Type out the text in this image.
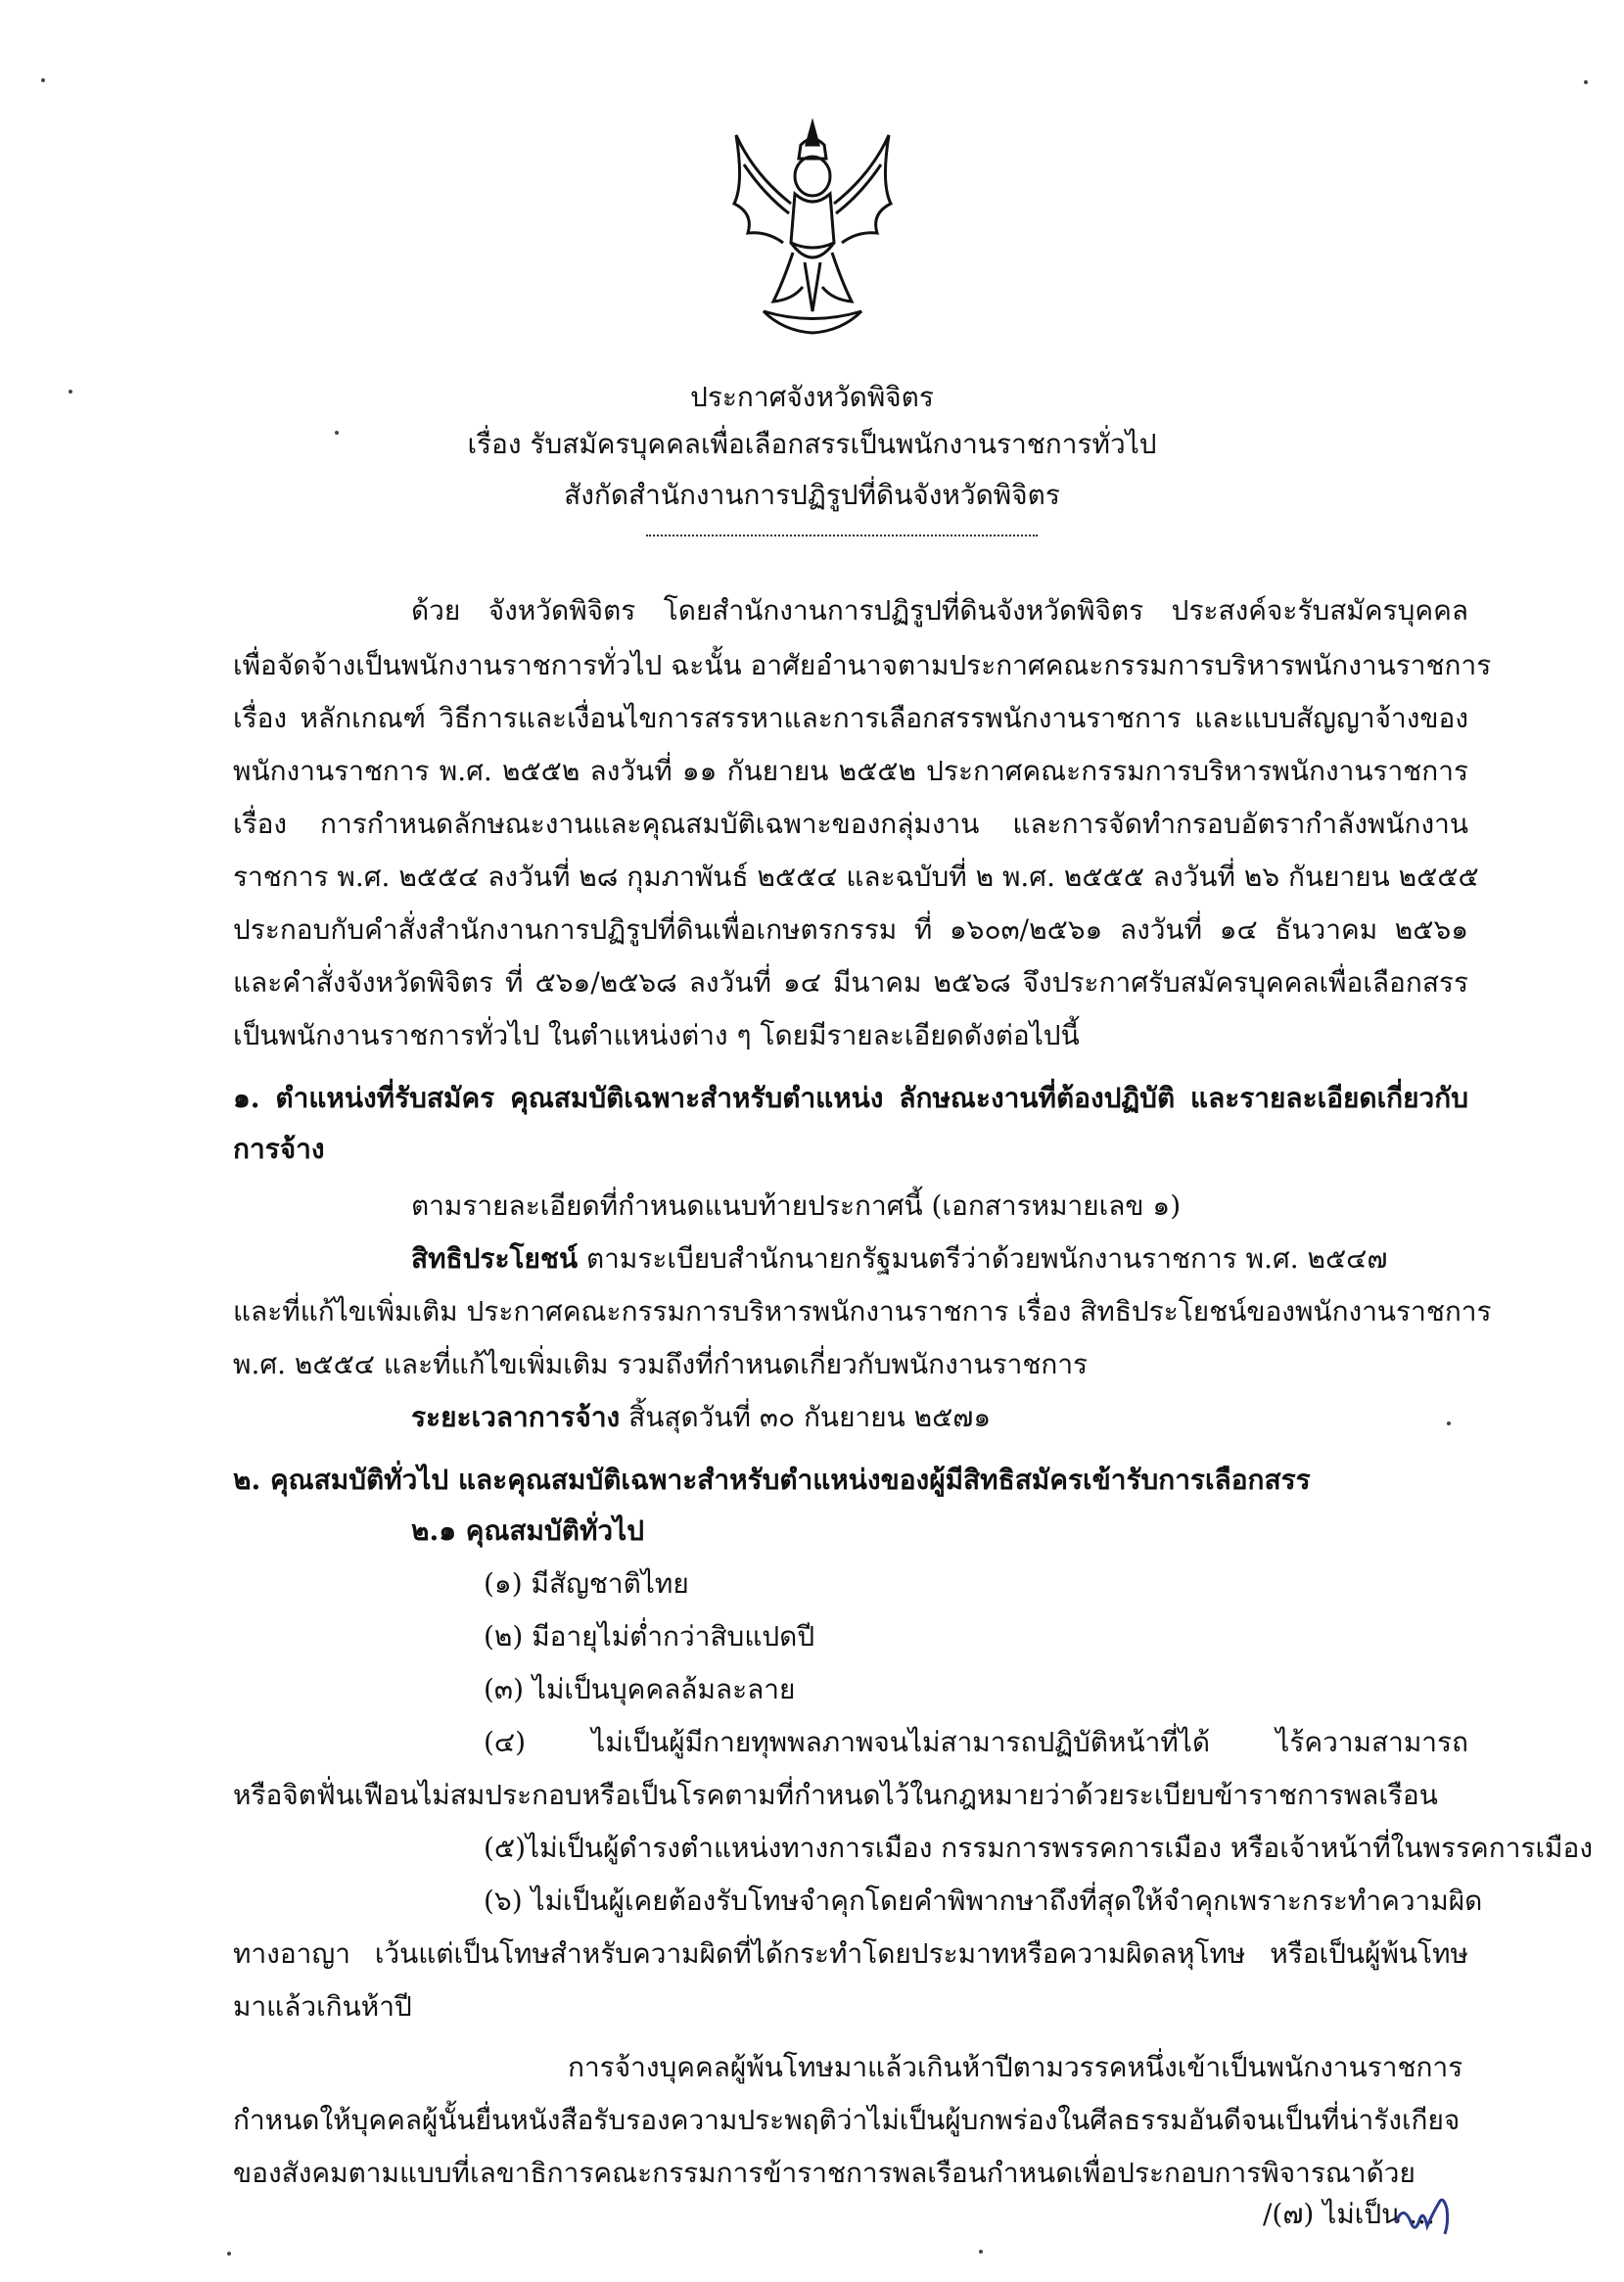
ประกาศจังหวัดพิจิตร
เรื่อง รับสมัครบุคคลเพื่อเลือกสรรเป็นพนักงานราชการทั่วไป
สังกัดสำนักงานการปฏิรูปที่ดินจังหวัดพิจิตร
ด้วย จังหวัดพิจิตร โดยสำนักงานการปฏิรูปที่ดินจังหวัดพิจิตร ประสงค์จะรับสมัครบุคคล
เพื่อจัดจ้างเป็นพนักงานราชการทั่วไป ฉะนั้น อาศัยอำนาจตามประกาศคณะกรรมการบริหารพนักงานราชการ
เรื่อง หลักเกณฑ์ วิธีการและเงื่อนไขการสรรหาและการเลือกสรรพนักงานราชการ และแบบสัญญาจ้างของ
พนักงานราชการ พ.ศ. ๒๕๕๒ ลงวันที่ ๑๑ กันยายน ๒๕๕๒ ประกาศคณะกรรมการบริหารพนักงานราชการ
เรื่อง การกำหนดลักษณะงานและคุณสมบัติเฉพาะของกลุ่มงาน และการจัดทำกรอบอัตรากำลังพนักงาน
ราชการ พ.ศ. ๒๕๕๔ ลงวันที่ ๒๘ กุมภาพันธ์ ๒๕๕๔ และฉบับที่ ๒ พ.ศ. ๒๕๕๕ ลงวันที่ ๒๖ กันยายน ๒๕๕๕
ประกอบกับคำสั่งสำนักงานการปฏิรูปที่ดินเพื่อเกษตรกรรม ที่ ๑๖๐๓/๒๕๖๑ ลงวันที่ ๑๔ ธันวาคม ๒๕๖๑
และคำสั่งจังหวัดพิจิตร ที่ ๕๖๑/๒๕๖๘ ลงวันที่ ๑๔ มีนาคม ๒๕๖๘ จึงประกาศรับสมัครบุคคลเพื่อเลือกสรร
เป็นพนักงานราชการทั่วไป ในตำแหน่งต่าง ๆ โดยมีรายละเอียดดังต่อไปนี้
๑. ตำแหน่งที่รับสมัคร คุณสมบัติเฉพาะสำหรับตำแหน่ง ลักษณะงานที่ต้องปฏิบัติ และรายละเอียดเกี่ยวกับ
การจ้าง
ตามรายละเอียดที่กำหนดแนบท้ายประกาศนี้ (เอกสารหมายเลข ๑)
สิทธิประโยชน์ ตามระเบียบสำนักนายกรัฐมนตรีว่าด้วยพนักงานราชการ พ.ศ. ๒๕๔๗
และที่แก้ไขเพิ่มเติม ประกาศคณะกรรมการบริหารพนักงานราชการ เรื่อง สิทธิประโยชน์ของพนักงานราชการ
พ.ศ. ๒๕๕๔ และที่แก้ไขเพิ่มเติม รวมถึงที่กำหนดเกี่ยวกับพนักงานราชการ
ระยะเวลาการจ้าง สิ้นสุดวันที่ ๓๐ กันยายน ๒๕๗๑
๒. คุณสมบัติทั่วไป และคุณสมบัติเฉพาะสำหรับตำแหน่งของผู้มีสิทธิสมัครเข้ารับการเลือกสรร
๒.๑ คุณสมบัติทั่วไป
(๑) มีสัญชาติไทย
(๒) มีอายุไม่ต่ำกว่าสิบแปดปี
(๓) ไม่เป็นบุคคลล้มละลาย
(๔) ไม่เป็นผู้มีกายทุพพลภาพจนไม่สามารถปฏิบัติหน้าที่ได้ ไร้ความสามารถ
หรือจิตฟั่นเฟือนไม่สมประกอบหรือเป็นโรคตามที่กำหนดไว้ในกฎหมายว่าด้วยระเบียบข้าราชการพลเรือน
(๕)ไม่เป็นผู้ดำรงตำแหน่งทางการเมือง กรรมการพรรคการเมือง หรือเจ้าหน้าที่ในพรรคการเมือง
(๖) ไม่เป็นผู้เคยต้องรับโทษจำคุกโดยคำพิพากษาถึงที่สุดให้จำคุกเพราะกระทำความผิด
ทางอาญา เว้นแต่เป็นโทษสำหรับความผิดที่ได้กระทำโดยประมาทหรือความผิดลหุโทษ หรือเป็นผู้พ้นโทษ
มาแล้วเกินห้าปี
การจ้างบุคคลผู้พ้นโทษมาแล้วเกินห้าปีตามวรรคหนึ่งเข้าเป็นพนักงานราชการ
กำหนดให้บุคคลผู้นั้นยื่นหนังสือรับรองความประพฤติว่าไม่เป็นผู้บกพร่องในศีลธรรมอันดีจนเป็นที่น่ารังเกียจ
ของสังคมตามแบบที่เลขาธิการคณะกรรมการข้าราชการพลเรือนกำหนดเพื่อประกอบการพิจารณาด้วย
/(๗) ไม่เป็น ...
